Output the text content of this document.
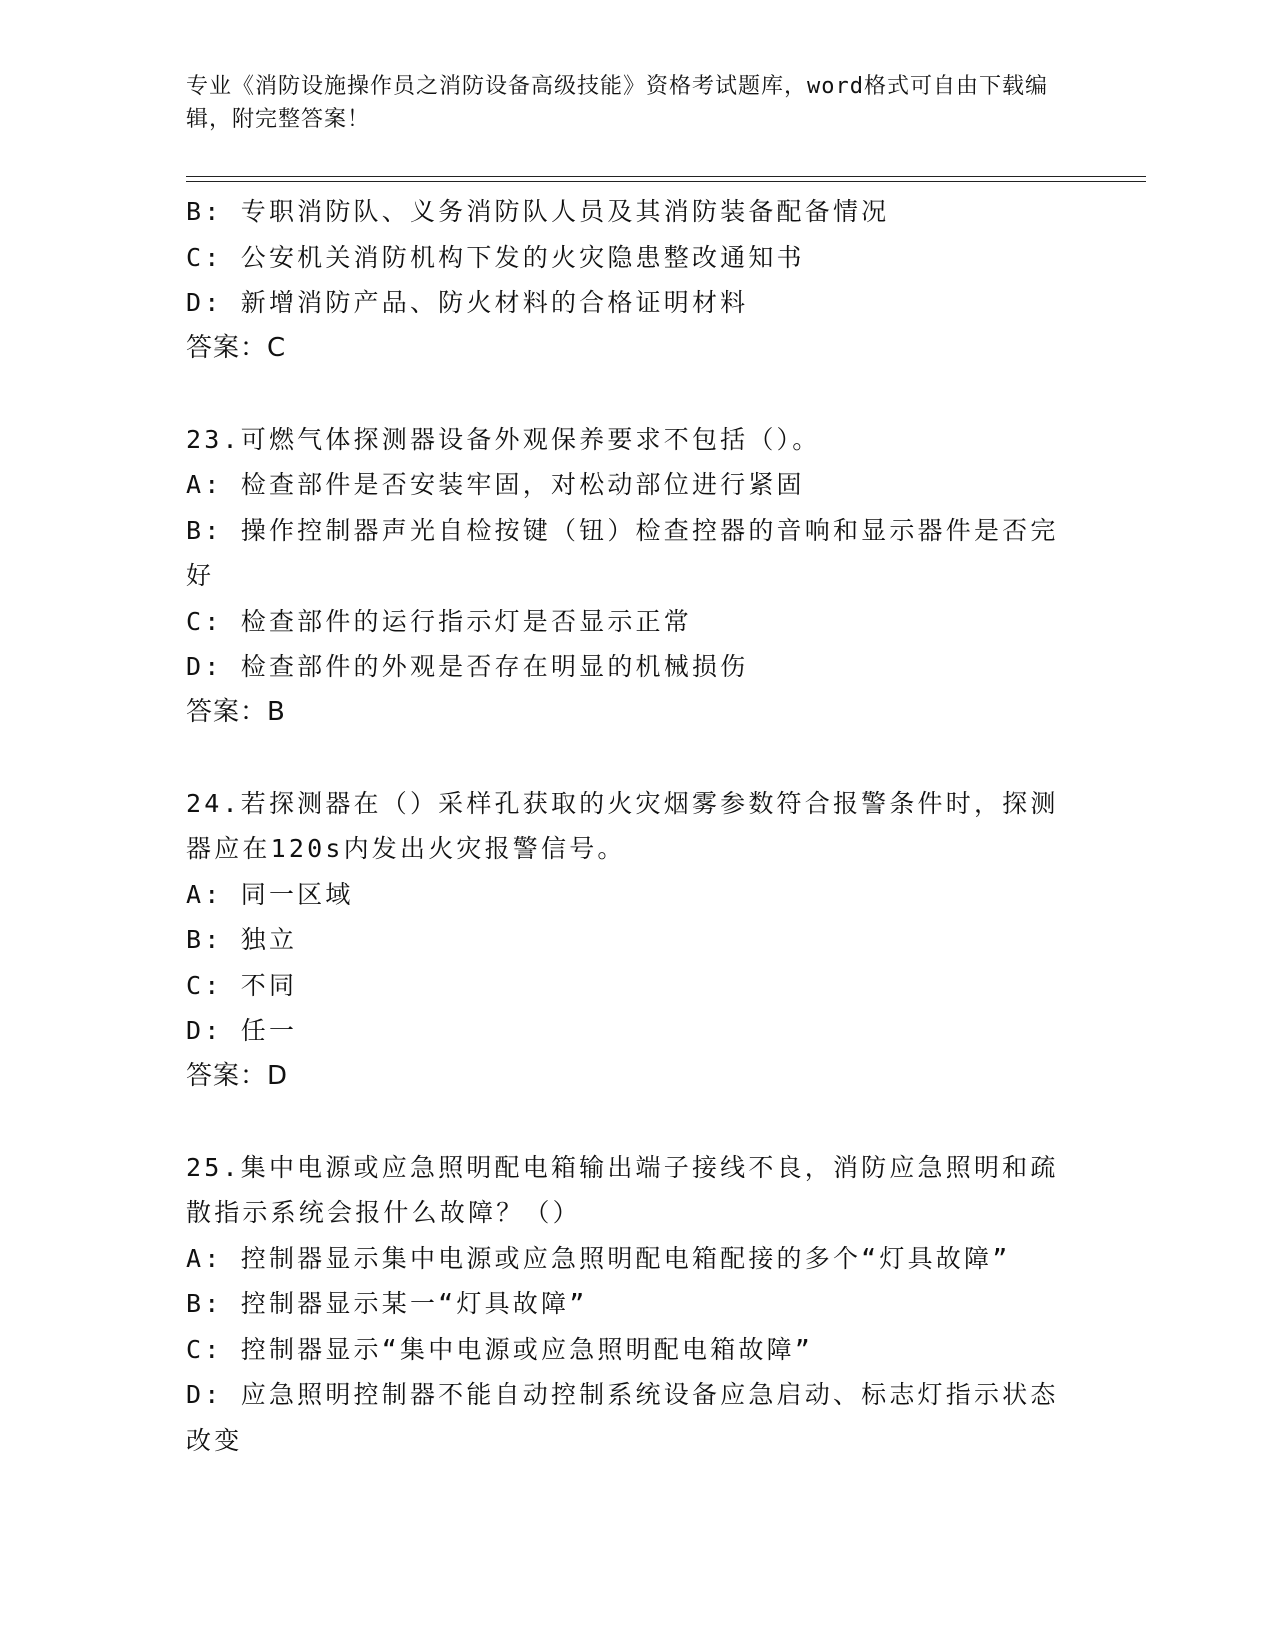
专业《消防设施操作员之消防设备高级技能》资格考试题库，word格式可自由下载编辑，附完整答案！
B: 专职消防队、义务消防队人员及其消防装备配备情况
C: 公安机关消防机构下发的火灾隐患整改通知书
D: 新增消防产品、防火材料的合格证明材料
答案：C
23.可燃气体探测器设备外观保养要求不包括（）。
A: 检查部件是否安装牢固，对松动部位进行紧固
B: 操作控制器声光自检按键（钮）检查控器的音响和显示器件是否完好
C: 检查部件的运行指示灯是否显示正常
D: 检查部件的外观是否存在明显的机械损伤
答案：B
24.若探测器在（）采样孔获取的火灾烟雾参数符合报警条件时，探测器应在120s内发出火灾报警信号。
A: 同一区域
B: 独立
C: 不同
D: 任一
答案：D
25.集中电源或应急照明配电箱输出端子接线不良，消防应急照明和疏散指示系统会报什么故障？（）
A: 控制器显示集中电源或应急照明配电箱配接的多个“灯具故障”
B: 控制器显示某一“灯具故障”
C: 控制器显示“集中电源或应急照明配电箱故障”
D: 应急照明控制器不能自动控制系统设备应急启动、标志灯指示状态改变
